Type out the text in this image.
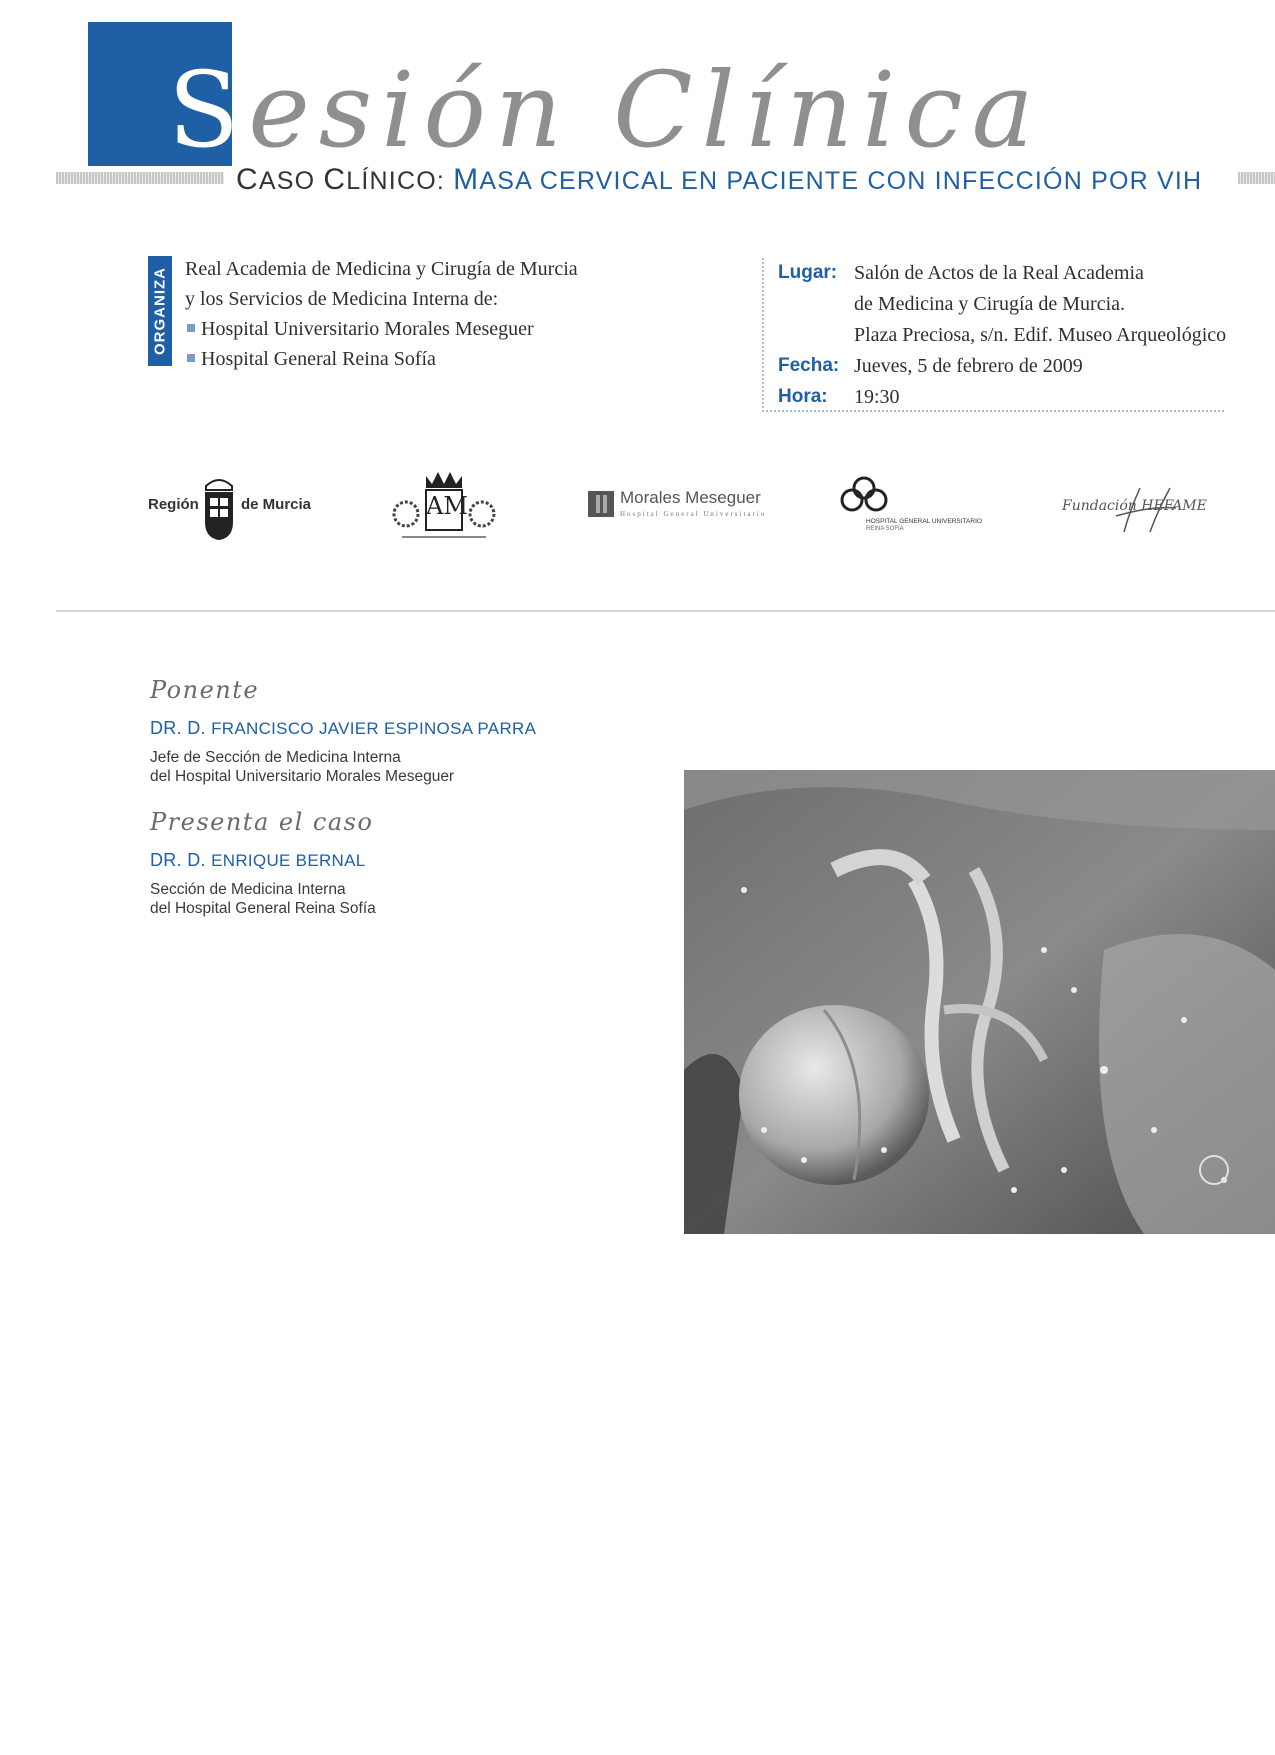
Sesión Clínica
CASO CLÍNICO: MASA CERVICAL EN PACIENTE CON INFECCIÓN POR VIH
ORGANIZA Real Academia de Medicina y Cirugía de Murcia
y los Servicios de Medicina Interna de:
Hospital Universitario Morales Meseguer
Hospital General Reina Sofía
Lugar: Salón de Actos de la Real Academia
de Medicina y Cirugía de Murcia.
Plaza Preciosa, s/n. Edif. Museo Arqueológico
Fecha: Jueves, 5 de febrero de 2009
Hora:	19:30
Región	de Murcia	AM	Morales Meseguer
Hospital General Universitario
HOSPITAL GENERAL UNIVERSITARIO
REINA SOFÍA
Fundación HEFAME
Ponente
DR. D. FRANCISCO JAVIER ESPINOSA PARRA
Jefe de Sección de Medicina Interna
del Hospital Universitario Morales Meseguer
Presenta el caso
DR. D. ENRIQUE BERNAL
Sección de Medicina Interna
del Hospital General Reina Sofía
